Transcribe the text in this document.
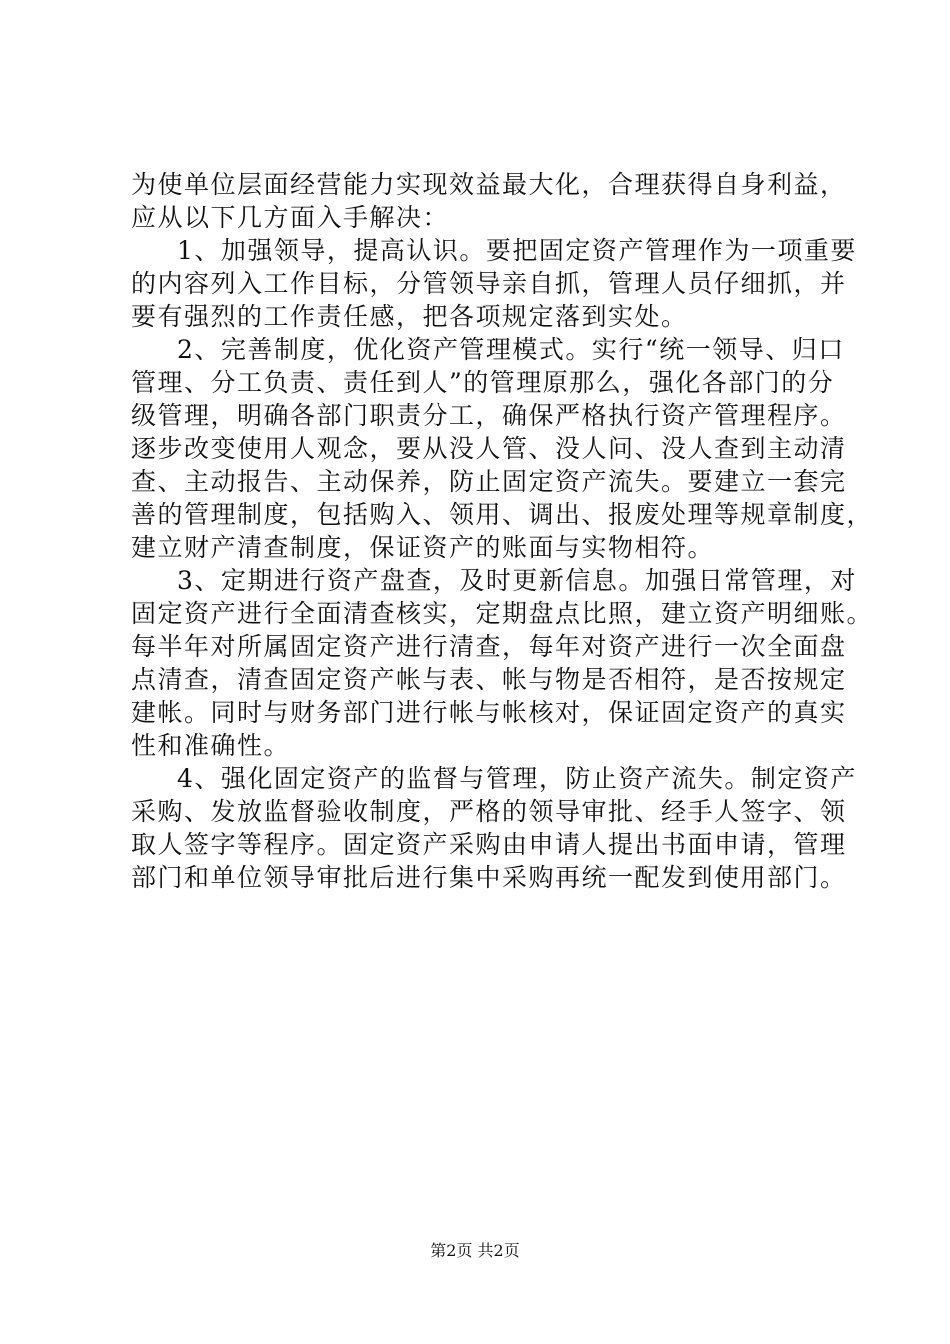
为使单位层面经营能力实现效益最大化，合理获得自身利益，
应从以下几方面入手解决：
1、加强领导，提高认识。要把固定资产管理作为一项重要
的内容列入工作目标，分管领导亲自抓，管理人员仔细抓，并
要有强烈的工作责任感，把各项规定落到实处。
2、完善制度，优化资产管理模式。实行“统一领导、归口
管理、分工负责、责任到人”的管理原那么，强化各部门的分
级管理，明确各部门职责分工，确保严格执行资产管理程序。
逐步改变使用人观念，要从没人管、没人问、没人查到主动清
查、主动报告、主动保养，防止固定资产流失。要建立一套完
善的管理制度，包括购入、领用、调出、报废处理等规章制度，
建立财产清查制度，保证资产的账面与实物相符。
3、定期进行资产盘查，及时更新信息。加强日常管理，对
固定资产进行全面清查核实，定期盘点比照，建立资产明细账。
每半年对所属固定资产进行清查，每年对资产进行一次全面盘
点清查，清查固定资产帐与表、帐与物是否相符，是否按规定
建帐。同时与财务部门进行帐与帐核对，保证固定资产的真实
性和准确性。
4、强化固定资产的监督与管理，防止资产流失。制定资产
采购、发放监督验收制度，严格的领导审批、经手人签字、领
取人签字等程序。固定资产采购由申请人提出书面申请，管理
部门和单位领导审批后进行集中采购再统一配发到使用部门。
第2页 共2页
